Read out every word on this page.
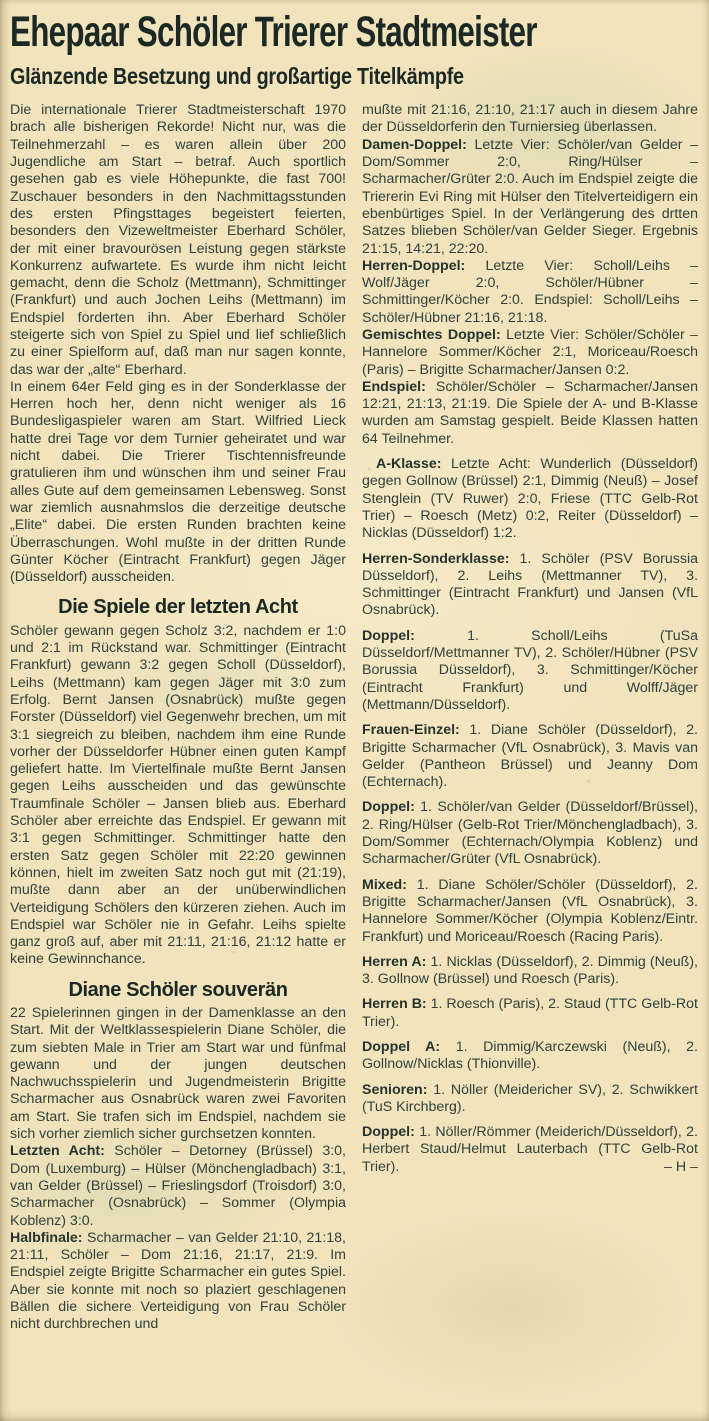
Ehepaar Schöler Trierer Stadtmeister
Glänzende Besetzung und großartige Titelkämpfe

Die internationale Trierer Stadtmeisterschaft 1970 brach alle bisherigen Rekorde! Nicht nur, was die Teilnehmerzahl – es waren allein über 200 Jugendliche am Start – betraf. Auch sportlich gesehen gab es viele Höhepunkte, die fast 700! Zuschauer besonders in den Nachmittagsstunden des ersten Pfingsttages begeistert feierten, besonders den Vizeweltmeister Eberhard Schöler, der mit einer bravourösen Leistung gegen stärkste Konkurrenz aufwartete. Es wurde ihm nicht leicht gemacht, denn die Scholz (Mettmann), Schmittinger (Frankfurt) und auch Jochen Leihs (Mettmann) im Endspiel forderten ihn. Aber Eberhard Schöler steigerte sich von Spiel zu Spiel und lief schließlich zu einer Spielform auf, daß man nur sagen konnte, das war der „alte“ Eberhard.

In einem 64er Feld ging es in der Sonderklasse der Herren hoch her, denn nicht weniger als 16 Bundesligaspieler waren am Start. Wilfried Lieck hatte drei Tage vor dem Turnier geheiratet und war nicht dabei. Die Trierer Tischtennisfreunde gratulieren ihm und wünschen ihm und seiner Frau alles Gute auf dem gemeinsamen Lebensweg. Sonst war ziemlich ausnahmslos die derzeitige deutsche „Elite“ dabei. Die ersten Runden brachten keine Überraschungen. Wohl mußte in der dritten Runde Günter Köcher (Eintracht Frankfurt) gegen Jäger (Düsseldorf) ausscheiden.

Die Spiele der letzten Acht

Schöler gewann gegen Scholz 3:2, nachdem er 1:0 und 2:1 im Rückstand war. Schmittinger (Eintracht Frankfurt) gewann 3:2 gegen Scholl (Düsseldorf), Leihs (Mettmann) kam gegen Jäger mit 3:0 zum Erfolg. Bernt Jansen (Osnabrück) mußte gegen Forster (Düsseldorf) viel Gegenwehr brechen, um mit 3:1 siegreich zu bleiben, nachdem ihm eine Runde vorher der Düsseldorfer Hübner einen guten Kampf geliefert hatte. Im Viertelfinale mußte Bernt Jansen gegen Leihs ausscheiden und das gewünschte Traumfinale Schöler – Jansen blieb aus. Eberhard Schöler aber erreichte das Endspiel. Er gewann mit 3:1 gegen Schmittinger. Schmittinger hatte den ersten Satz gegen Schöler mit 22:20 gewinnen können, hielt im zweiten Satz noch gut mit (21:19), mußte dann aber an der unüberwindlichen Verteidigung Schölers den kürzeren ziehen. Auch im Endspiel war Schöler nie in Gefahr. Leihs spielte ganz groß auf, aber mit 21:11, 21:16, 21:12 hatte er keine Gewinnchance.

Diane Schöler souverän

22 Spielerinnen gingen in der Damenklasse an den Start. Mit der Weltklassespielerin Diane Schöler, die zum siebten Male in Trier am Start war und fünfmal gewann und der jungen deutschen Nachwuchsspielerin und Jugendmeisterin Brigitte Scharmacher aus Osnabrück waren zwei Favoriten am Start. Sie trafen sich im Endspiel, nachdem sie sich vorher ziemlich sicher gurchsetzen konnten.

Letzten Acht: Schöler – Detorney (Brüssel) 3:0, Dom (Luxemburg) – Hülser (Mönchengladbach) 3:1, van Gelder (Brüssel) – Frieslingsdorf (Troisdorf) 3:0, Scharmacher (Osnabrück) – Sommer (Olympia Koblenz) 3:0.

Halbfinale: Scharmacher – van Gelder 21:10, 21:18, 21:11, Schöler – Dom 21:16, 21:17, 21:9. Im Endspiel zeigte Brigitte Scharmacher ein gutes Spiel. Aber sie konnte mit noch so plaziert geschlagenen Bällen die sichere Verteidigung von Frau Schöler nicht durchbrechen und

mußte mit 21:16, 21:10, 21:17 auch in diesem Jahre der Düsseldorferin den Turniersieg überlassen.

Damen-Doppel: Letzte Vier: Schöler/van Gelder – Dom/Sommer 2:0, Ring/Hülser – Scharmacher/Grüter 2:0. Auch im Endspiel zeigte die Triererin Evi Ring mit Hülser den Titelverteidigern ein ebenbürtiges Spiel. In der Verlängerung des drtten Satzes blieben Schöler/van Gelder Sieger. Ergebnis 21:15, 14:21, 22:20.

Herren-Doppel: Letzte Vier: Scholl/Leihs – Wolf/Jäger 2:0, Schöler/Hübner – Schmittinger/Köcher 2:0. Endspiel: Scholl/Leihs – Schöler/Hübner 21:16, 21:18.

Gemischtes Doppel: Letzte Vier: Schöler/Schöler – Hannelore Sommer/Köcher 2:1, Moriceau/Roesch (Paris) – Brigitte Scharmacher/Jansen 0:2.

Endspiel: Schöler/Schöler – Scharmacher/Jansen 12:21, 21:13, 21:19. Die Spiele der A- und B-Klasse wurden am Samstag gespielt. Beide Klassen hatten 64 Teilnehmer.

A-Klasse: Letzte Acht: Wunderlich (Düsseldorf) gegen Gollnow (Brüssel) 2:1, Dimmig (Neuß) – Josef Stenglein (TV Ruwer) 2:0, Friese (TTC Gelb-Rot Trier) – Roesch (Metz) 0:2, Reiter (Düsseldorf) – Nicklas (Düsseldorf) 1:2.

Herren-Sonderklasse: 1. Schöler (PSV Borussia Düsseldorf), 2. Leihs (Mettmanner TV), 3. Schmittinger (Eintracht Frankfurt) und Jansen (VfL Osnabrück).

Doppel: 1. Scholl/Leihs (TuSa Düsseldorf/Mettmanner TV), 2. Schöler/Hübner (PSV Borussia Düsseldorf), 3. Schmittinger/Köcher (Eintracht Frankfurt) und Wolff/Jäger (Mettmann/Düsseldorf).

Frauen-Einzel: 1. Diane Schöler (Düsseldorf), 2. Brigitte Scharmacher (VfL Osnabrück), 3. Mavis van Gelder (Pantheon Brüssel) und Jeanny Dom (Echternach).

Doppel: 1. Schöler/van Gelder (Düsseldorf/Brüssel), 2. Ring/Hülser (Gelb-Rot Trier/Mönchengladbach), 3. Dom/Sommer (Echternach/Olympia Koblenz) und Scharmacher/Grüter (VfL Osnabrück).

Mixed: 1. Diane Schöler/Schöler (Düsseldorf), 2. Brigitte Scharmacher/Jansen (VfL Osnabrück), 3. Hannelore Sommer/Köcher (Olympia Koblenz/Eintr. Frankfurt) und Moriceau/Roesch (Racing Paris).

Herren A: 1. Nicklas (Düsseldorf), 2. Dimmig (Neuß), 3. Gollnow (Brüssel) und Roesch (Paris).

Herren B: 1. Roesch (Paris), 2. Staud (TTC Gelb-Rot Trier).

Doppel A: 1. Dimmig/Karczewski (Neuß), 2. Gollnow/Nicklas (Thionville).

Senioren: 1. Nöller (Meidericher SV), 2. Schwikkert (TuS Kirchberg).

Doppel: 1. Nöller/Römmer (Meiderich/Düsseldorf), 2. Herbert Staud/Helmut Lauterbach (TTC Gelb-Rot Trier).	– H –
